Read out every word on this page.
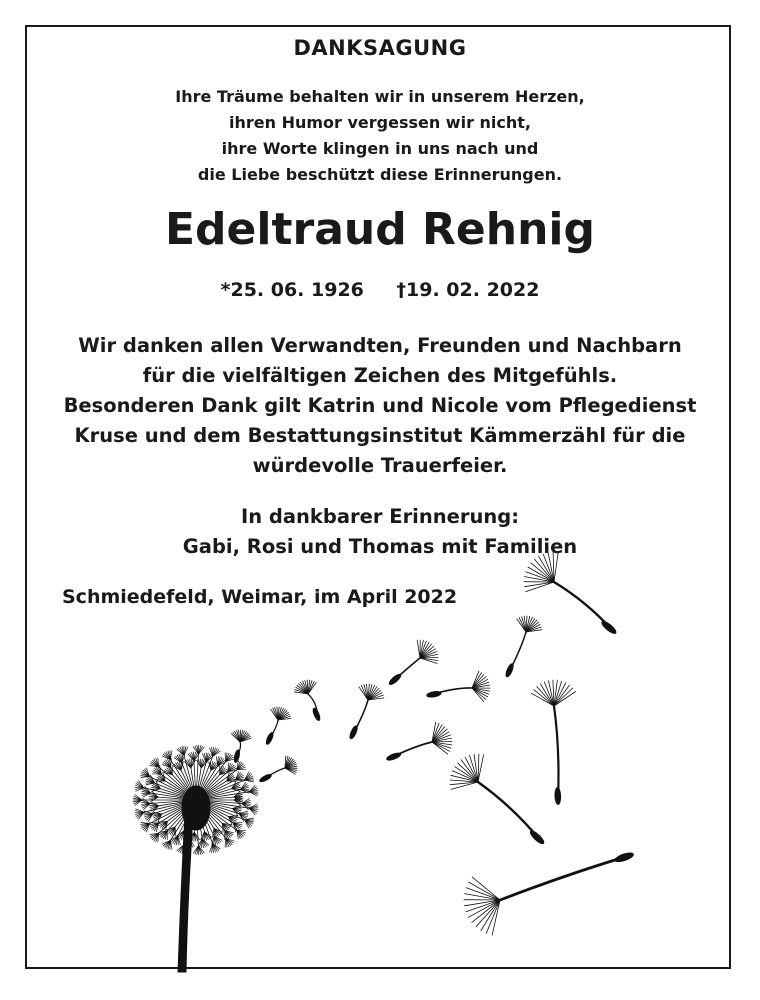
DANKSAGUNG
Ihre Träume behalten wir in unserem Herzen,
ihren Humor vergessen wir nicht,
ihre Worte klingen in uns nach und
die Liebe beschützt diese Erinnerungen.
Edeltraud Rehnig
*25. 06. 1926 †19. 02. 2022
Wir danken allen Verwandten, Freunden und Nachbarn
für die vielfältigen Zeichen des Mitgefühls.
Besonderen Dank gilt Katrin und Nicole vom Pflegedienst
Kruse und dem Bestattungsinstitut Kämmerzähl für die
würdevolle Trauerfeier.
In dankbarer Erinnerung:
Gabi, Rosi und Thomas mit Familien
Schmiedefeld, Weimar, im April 2022
